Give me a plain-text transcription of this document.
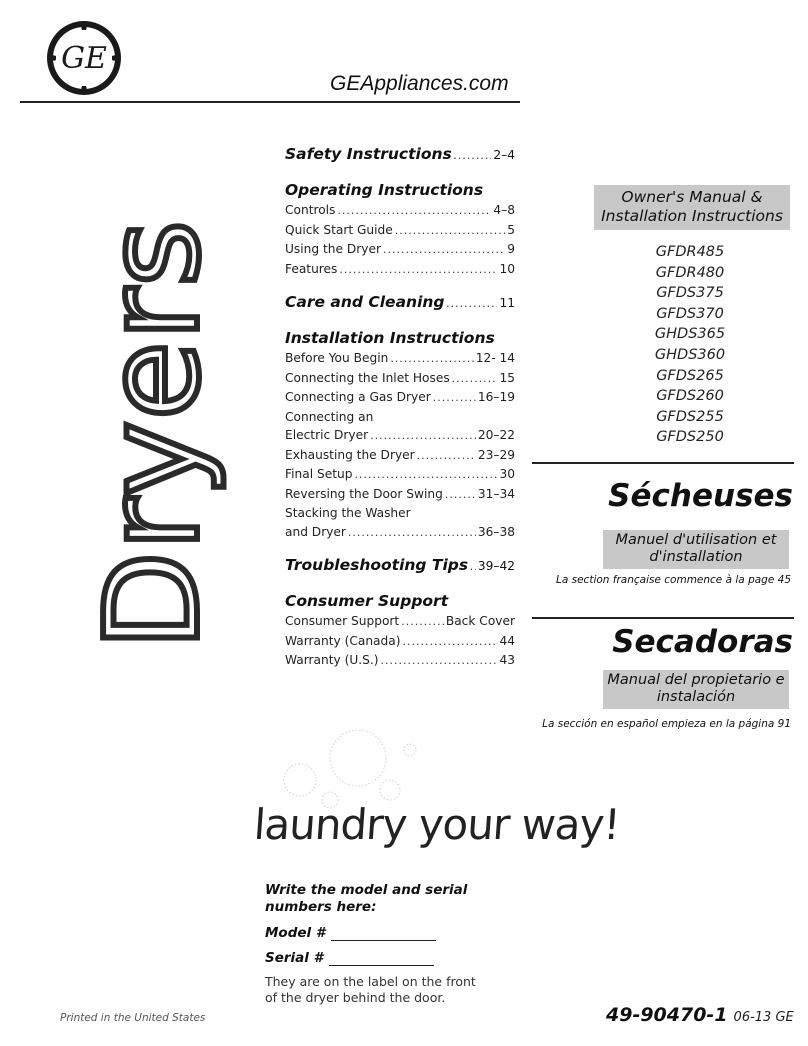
GE
GEAppliances.com
Dryers
Safety Instructions .....	2–4
Operating Instructions
Controls .....	4–8
Quick Start Guide .....	5
Using the Dryer .....	9
Features .....	10
Care and Cleaning .....	11
Installation Instructions
Before You Begin .....	12- 14
Connecting the Inlet Hoses .....	15
Connecting a Gas Dryer .....	16–19
Connecting an
Electric Dryer .....	20–22
Exhausting the Dryer .....	23–29
Final Setup .....	30
Reversing the Door Swing .....	31–34
Stacking the Washer
and Dryer .....	36–38
Troubleshooting Tips ..... 39–42
Consumer Support
Consumer Support .....	Back Cover
Warranty (Canada) .....	44
Warranty (U.S.) .....	43
Owner's Manual &
Installation Instructions
GFDR485
GFDR480
GFDS375
GFDS370
GHDS365
GHDS360
GFDS265
GFDS260
GFDS255
GFDS250
Sécheuses
Manuel d'utilisation et
d'installation
La section française commence à la page 45
Secadoras
Manual del propietario e
instalación
La sección en español empieza en la página 91
laundry your way!
Write the model and serial
numbers here:
Model #
Serial #
They are on the label on the front
of the dryer behind the door.
Printed in the United States	49-90470-1 06-13 GE
